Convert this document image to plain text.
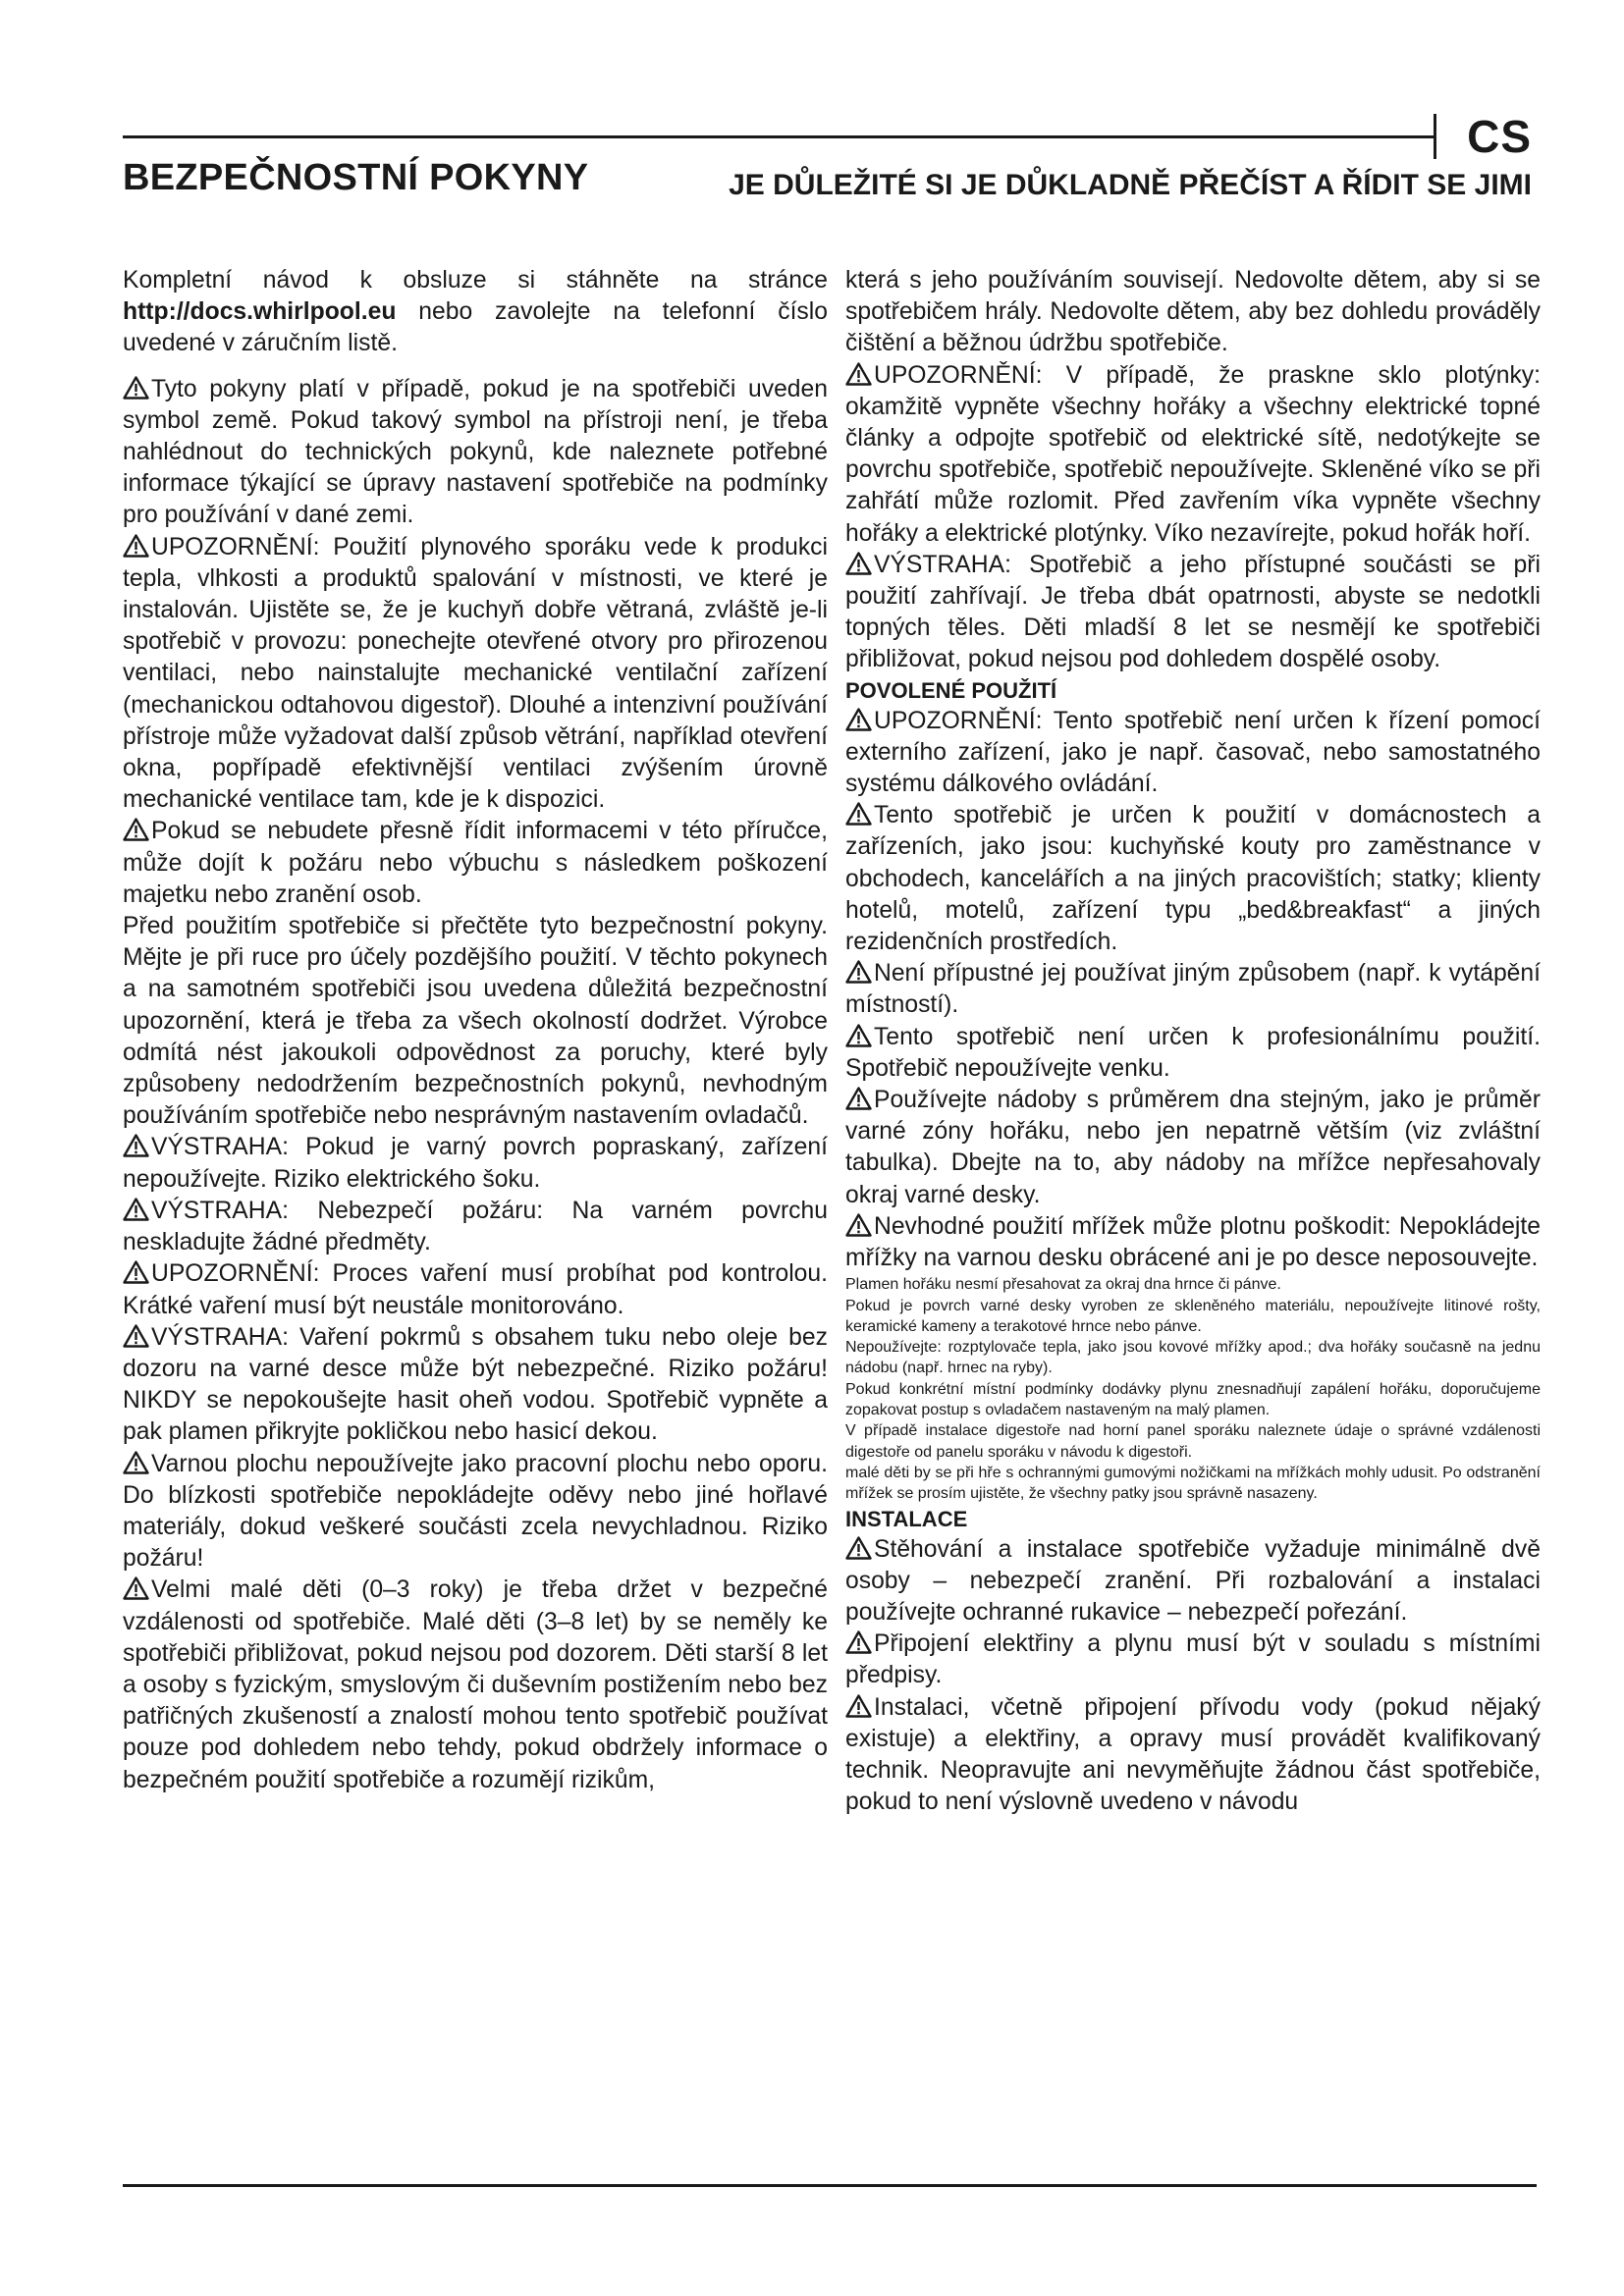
CS
BEZPEČNOSTNÍ POKYNY	JE DŮLEŽITÉ SI JE DŮKLADNĚ PŘEČÍST A ŘÍDIT SE JIMI

Kompletní návod k obsluze si stáhněte na stránce http://docs.whirlpool.eu nebo zavolejte na telefonní číslo uvedené v záručním listě.

Tyto pokyny platí v případě, pokud je na spotřebiči uveden symbol země. Pokud takový symbol na přístroji není, je třeba nahlédnout do technických pokynů, kde naleznete potřebné informace týkající se úpravy nastavení spotřebiče na podmínky pro používání v dané zemi.

UPOZORNĚNÍ: Použití plynového sporáku vede k produkci tepla, vlhkosti a produktů spalování v místnosti, ve které je instalován. Ujistěte se, že je kuchyň dobře větraná, zvláště je-li spotřebič v provozu: ponechejte otevřené otvory pro přirozenou ventilaci, nebo nainstalujte mechanické ventilační zařízení (mechanickou odtahovou digestoř). Dlouhé a intenzivní používání přístroje může vyžadovat další způsob větrání, například otevření okna, popřípadě efektivnější ventilaci zvýšením úrovně mechanické ventilace tam, kde je k dispozici.

Pokud se nebudete přesně řídit informacemi v této příručce, může dojít k požáru nebo výbuchu s následkem poškození majetku nebo zranění osob.

Před použitím spotřebiče si přečtěte tyto bezpečnostní pokyny. Mějte je při ruce pro účely pozdějšího použití. V těchto pokynech a na samotném spotřebiči jsou uvedena důležitá bezpečnostní upozornění, která je třeba za všech okolností dodržet. Výrobce odmítá nést jakoukoli odpovědnost za poruchy, které byly způsobeny nedodržením bezpečnostních pokynů, nevhodným používáním spotřebiče nebo nesprávným nastavením ovladačů.

VÝSTRAHA: Pokud je varný povrch popraskaný, zařízení nepoužívejte. Riziko elektrického šoku.

VÝSTRAHA: Nebezpečí požáru: Na varném povrchu neskladujte žádné předměty.

UPOZORNĚNÍ: Proces vaření musí probíhat pod kontrolou. Krátké vaření musí být neustále monitorováno.

VÝSTRAHA: Vaření pokrmů s obsahem tuku nebo oleje bez dozoru na varné desce může být nebezpečné. Riziko požáru! NIKDY se nepokoušejte hasit oheň vodou. Spotřebič vypněte a pak plamen přikryjte pokličkou nebo hasicí dekou.

Varnou plochu nepoužívejte jako pracovní plochu nebo oporu. Do blízkosti spotřebiče nepokládejte oděvy nebo jiné hořlavé materiály, dokud veškeré součásti zcela nevychladnou. Riziko požáru!

Velmi malé děti (0–3 roky) je třeba držet v bezpečné vzdálenosti od spotřebiče. Malé děti (3–8 let) by se neměly ke spotřebiči přibližovat, pokud nejsou pod dozorem. Děti starší 8 let a osoby s fyzickým, smyslovým či duševním postižením nebo bez patřičných zkušeností a znalostí mohou tento spotřebič používat pouze pod dohledem nebo tehdy, pokud obdržely informace o bezpečném použití spotřebiče a rozumějí rizikům,

která s jeho používáním souvisejí. Nedovolte dětem, aby si se spotřebičem hrály. Nedovolte dětem, aby bez dohledu prováděly čištění a běžnou údržbu spotřebiče.

UPOZORNĚNÍ: V případě, že praskne sklo plotýnky: okamžitě vypněte všechny hořáky a všechny elektrické topné články a odpojte spotřebič od elektrické sítě, nedotýkejte se povrchu spotřebiče, spotřebič nepoužívejte. Skleněné víko se při zahřátí může rozlomit. Před zavřením víka vypněte všechny hořáky a elektrické plotýnky. Víko nezavírejte, pokud hořák hoří.

VÝSTRAHA: Spotřebič a jeho přístupné součásti se při použití zahřívají. Je třeba dbát opatrnosti, abyste se nedotkli topných těles. Děti mladší 8 let se nesmějí ke spotřebiči přibližovat, pokud nejsou pod dohledem dospělé osoby.

POVOLENÉ POUŽITÍ

UPOZORNĚNÍ: Tento spotřebič není určen k řízení pomocí externího zařízení, jako je např. časovač, nebo samostatného systému dálkového ovládání.

Tento spotřebič je určen k použití v domácnostech a zařízeních, jako jsou: kuchyňské kouty pro zaměstnance v obchodech, kancelářích a na jiných pracovištích; statky; klienty hotelů, motelů, zařízení typu „bed&breakfast“ a jiných rezidenčních prostředích.

Není přípustné jej používat jiným způsobem (např. k vytápění místností).

Tento spotřebič není určen k profesionálnímu použití. Spotřebič nepoužívejte venku.

Používejte nádoby s průměrem dna stejným, jako je průměr varné zóny hořáku, nebo jen nepatrně větším (viz zvláštní tabulka). Dbejte na to, aby nádoby na mřížce nepřesahovaly okraj varné desky.

Nevhodné použití mřížek může plotnu poškodit: Nepokládejte mřížky na varnou desku obrácené ani je po desce neposouvejte.

Plamen hořáku nesmí přesahovat za okraj dna hrnce či pánve.

Pokud je povrch varné desky vyroben ze skleněného materiálu, nepoužívejte litinové rošty, keramické kameny a terakotové hrnce nebo pánve.

Nepoužívejte: rozptylovače tepla, jako jsou kovové mřížky apod.; dva hořáky současně na jednu nádobu (např. hrnec na ryby).

Pokud konkrétní místní podmínky dodávky plynu znesnadňují zapálení hořáku, doporučujeme zopakovat postup s ovladačem nastaveným na malý plamen.

V případě instalace digestoře nad horní panel sporáku naleznete údaje o správné vzdálenosti digestoře od panelu sporáku v návodu k digestoři.

malé děti by se při hře s ochrannými gumovými nožičkami na mřížkách mohly udusit. Po odstranění mřížek se prosím ujistěte, že všechny patky jsou správně nasazeny.

INSTALACE

Stěhování a instalace spotřebiče vyžaduje minimálně dvě osoby – nebezpečí zranění. Při rozbalování a instalaci používejte ochranné rukavice – nebezpečí pořezání.

Připojení elektřiny a plynu musí být v souladu s místními předpisy.

Instalaci, včetně připojení přívodu vody (pokud nějaký existuje) a elektřiny, a opravy musí provádět kvalifikovaný technik. Neopravujte ani nevyměňujte žádnou část spotřebiče, pokud to není výslovně uvedeno v návodu
